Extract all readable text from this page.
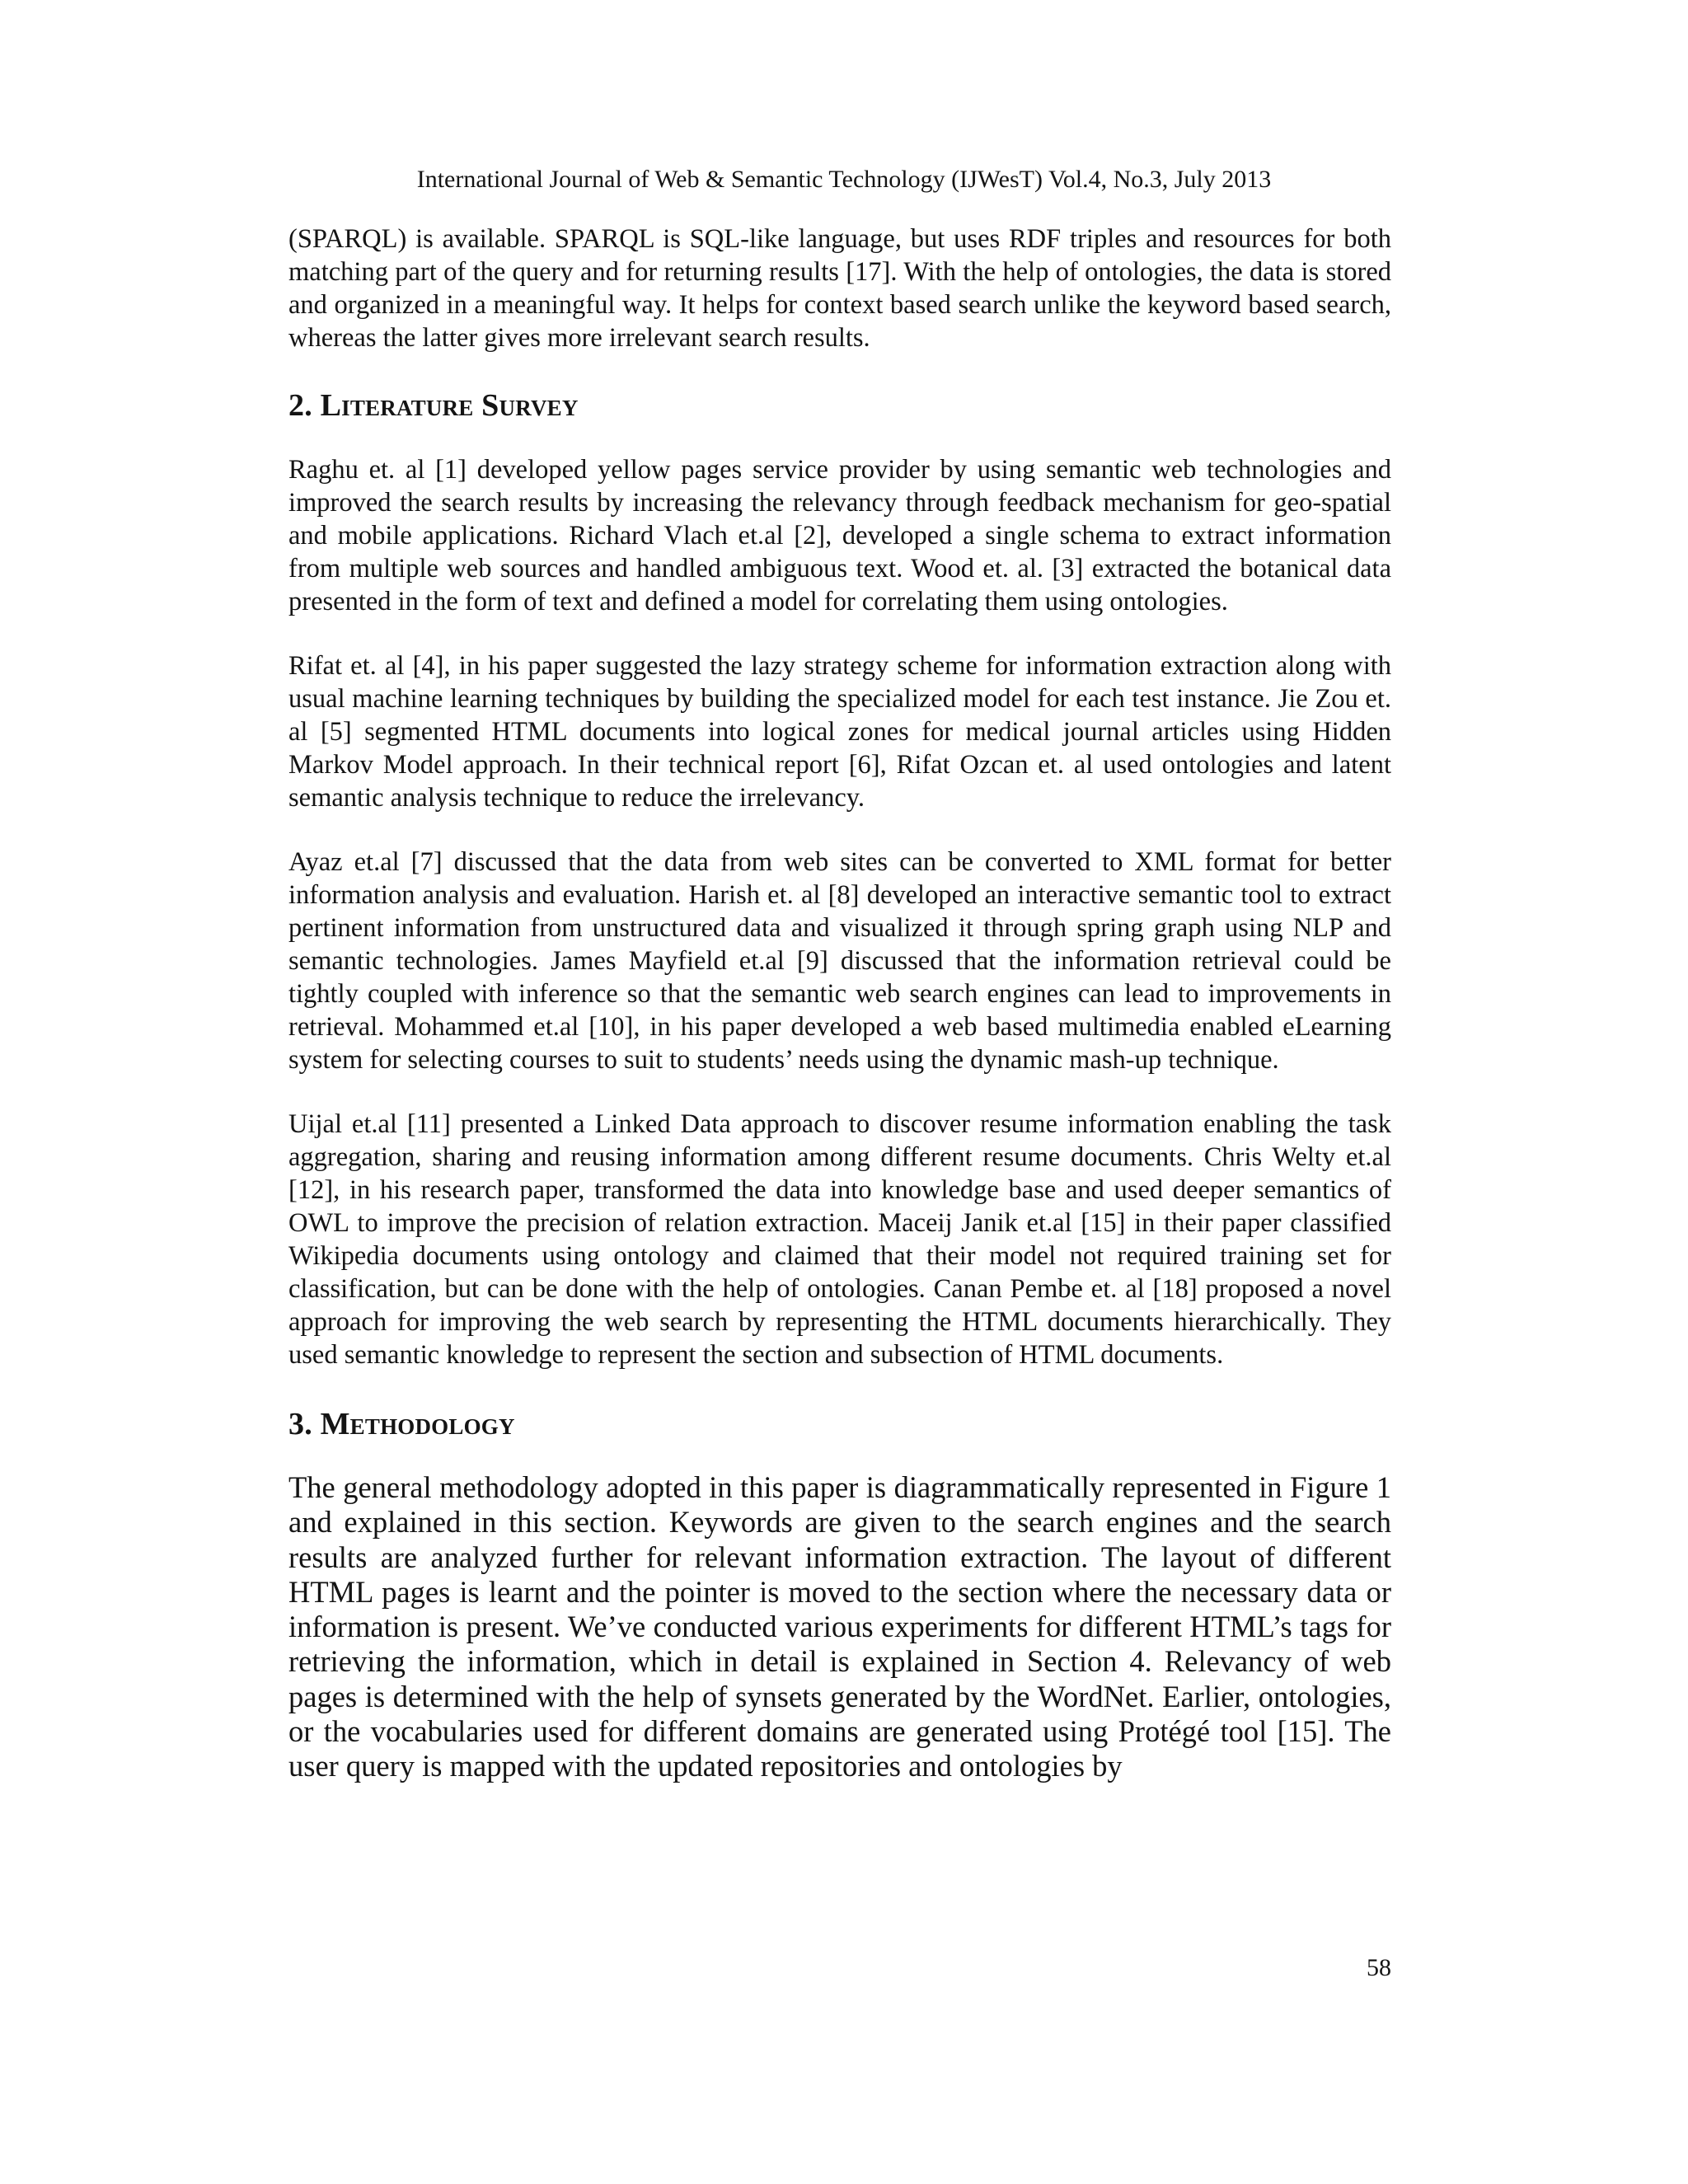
International Journal of Web & Semantic Technology (IJWesT) Vol.4, No.3, July 2013

(SPARQL) is available. SPARQL is SQL-like language, but uses RDF triples and resources for both matching part of the query and for returning results [17]. With the help of ontologies, the data is stored and organized in a meaningful way. It helps for context based search unlike the keyword based search, whereas the latter gives more irrelevant search results.

2. Literature Survey

Raghu et. al [1] developed yellow pages service provider by using semantic web technologies and improved the search results by increasing the relevancy through feedback mechanism for geo-spatial and mobile applications. Richard Vlach et.al [2], developed a single schema to extract information from multiple web sources and handled ambiguous text. Wood et. al. [3] extracted the botanical data presented in the form of text and defined a model for correlating them using ontologies.

Rifat et. al [4], in his paper suggested the lazy strategy scheme for information extraction along with usual machine learning techniques by building the specialized model for each test instance. Jie Zou et. al [5] segmented HTML documents into logical zones for medical journal articles using Hidden Markov Model approach. In their technical report [6], Rifat Ozcan et. al used ontologies and latent semantic analysis technique to reduce the irrelevancy.

Ayaz et.al [7] discussed that the data from web sites can be converted to XML format for better information analysis and evaluation. Harish et. al [8] developed an interactive semantic tool to extract pertinent information from unstructured data and visualized it through spring graph using NLP and semantic technologies. James Mayfield et.al [9] discussed that the information retrieval could be tightly coupled with inference so that the semantic web search engines can lead to improvements in retrieval. Mohammed et.al [10], in his paper developed a web based multimedia enabled eLearning system for selecting courses to suit to students’ needs using the dynamic mash-up technique.

Uijal et.al [11] presented a Linked Data approach to discover resume information enabling the task aggregation, sharing and reusing information among different resume documents. Chris Welty et.al [12], in his research paper, transformed the data into knowledge base and used deeper semantics of OWL to improve the precision of relation extraction. Maceij Janik et.al [15] in their paper classified Wikipedia documents using ontology and claimed that their model not required training set for classification, but can be done with the help of ontologies. Canan Pembe et. al [18] proposed a novel approach for improving the web search by representing the HTML documents hierarchically. They used semantic knowledge to represent the section and subsection of HTML documents.

3. Methodology

The general methodology adopted in this paper is diagrammatically represented in Figure 1 and explained in this section. Keywords are given to the search engines and the search results are analyzed further for relevant information extraction. The layout of different HTML pages is learnt and the pointer is moved to the section where the necessary data or information is present. We’ve conducted various experiments for different HTML’s tags for retrieving the information, which in detail is explained in Section 4. Relevancy of web pages is determined with the help of synsets generated by the WordNet. Earlier, ontologies, or the vocabularies used for different domains are generated using Protégé tool [15]. The user query is mapped with the updated repositories and ontologies by

58
